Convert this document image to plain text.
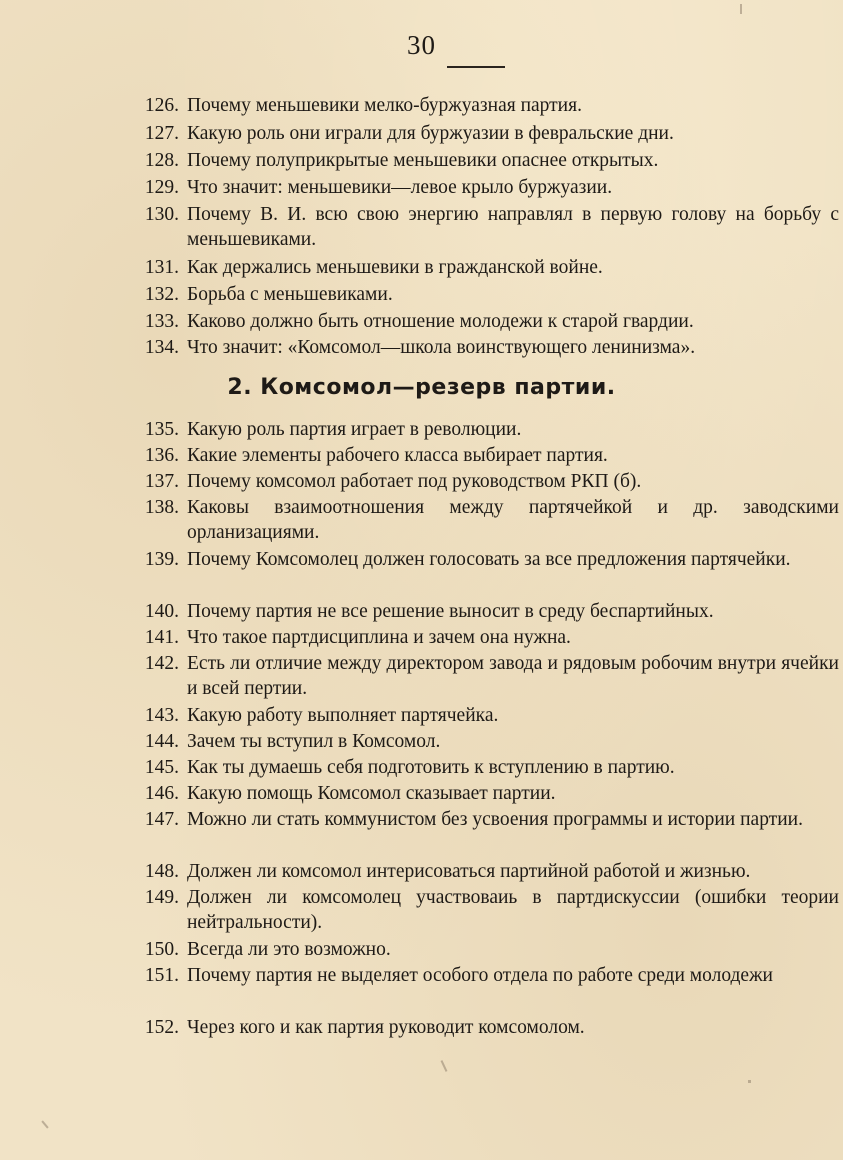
30
126. Почему меньшевики мелко-буржуазная партия.
127. Какую роль они играли для буржуазии в февральские дни.
128. Почему полуприкрытые меньшевики опаснее открытых.
129. Что значит: меньшевики—левое крыло буржуазии.
130. Почему В. И. всю свою энергию направлял в первую голову на борьбу с меньшевиками.
131. Как держались меньшевики в гражданской войне.
132. Борьба с меньшевиками.
133. Каково должно быть отношение молодежи к старой гвардии.
134. Что значит: «Комсомол—школа воинствующего ленинизма».
2. Комсомол—резерв партии.
135. Какую роль партия играет в революции.
136. Какие элементы рабочего класса выбирает партия.
137. Почему комсомол работает под руководством РКП (б).
138. Каковы взаимоотношения между партячейкой и др. заводскими орланизациями.
139. Почему Комсомолец должен голосовать за все предложения партячейки.
140. Почему партия не все решение выносит в среду беспартийных.
141. Что такое партдисциплина и зачем она нужна.
142. Есть ли отличие между директором завода и рядовым робочим внутри ячейки и всей пертии.
143. Какую работу выполняет партячейка.
144. Зачем ты вступил в Комсомол.
145. Как ты думаешь себя подготовить к вступлению в партию.
146. Какую помощь Комсомол сказывает партии.
147. Можно ли стать коммунистом без усвоения программы и истории партии.
148. Должен ли комсомол интерисоваться партийной работой и жизнью.
149. Должен ли комсомолец участвоваиь в партдискуссии (ошибки теории нейтральности).
150. Всегда ли это возможно.
151. Почему партия не выделяет особого отдела по работе среди молодежи
152. Через кого и как партия руководит комсомолом.
